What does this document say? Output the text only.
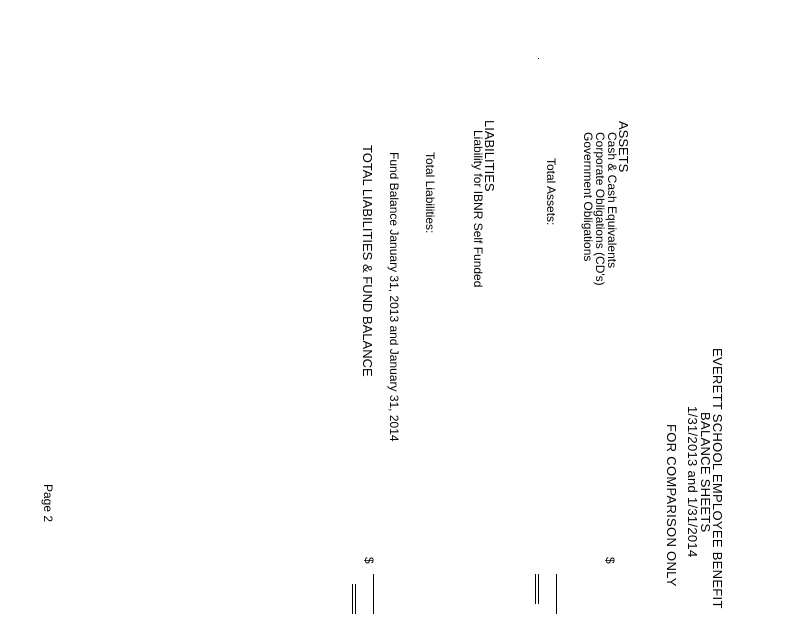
EVERETT SCHOOL EMPLOYEE BENEFIT
BALANCE SHEETS
1/31/2013 and 1/31/2014
FOR COMPARISON ONLY
ASSETS
Cash & Cash Equivalents
Corporate Obligations (CD's)
Government Obligations
$
Total Assets:
LIABILITIES
Liability for IBNR Self Funded
Total Liabilities:
Fund Balance January 31, 2013 and January 31, 2014
$
TOTAL LIABILITIES & FUND BALANCE
Page 2
